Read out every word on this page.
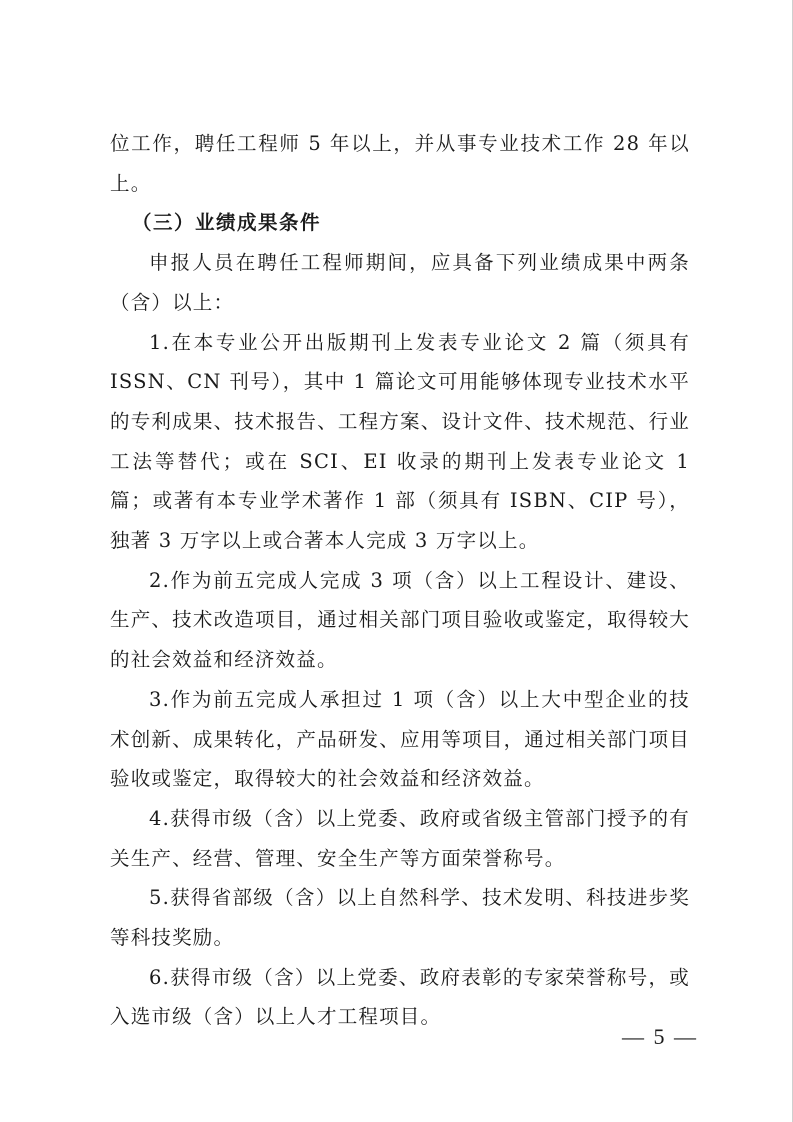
位工作，聘任工程师 5 年以上，并从事专业技术工作 28 年以上。

（三）业绩成果条件

申报人员在聘任工程师期间，应具备下列业绩成果中两条（含）以上：

1.在本专业公开出版期刊上发表专业论文 2 篇（须具有ISSN、CN 刊号），其中 1 篇论文可用能够体现专业技术水平的专利成果、技术报告、工程方案、设计文件、技术规范、行业工法等替代；或在 SCI、EI 收录的期刊上发表专业论文 1 篇；或著有本专业学术著作 1 部（须具有 ISBN、CIP 号），独著 3 万字以上或合著本人完成 3 万字以上。

2.作为前五完成人完成 3 项（含）以上工程设计、建设、生产、技术改造项目，通过相关部门项目验收或鉴定，取得较大的社会效益和经济效益。

3.作为前五完成人承担过 1 项（含）以上大中型企业的技术创新、成果转化，产品研发、应用等项目，通过相关部门项目验收或鉴定，取得较大的社会效益和经济效益。

4.获得市级（含）以上党委、政府或省级主管部门授予的有关生产、经营、管理、安全生产等方面荣誉称号。

5.获得省部级（含）以上自然科学、技术发明、科技进步奖等科技奖励。

6.获得市级（含）以上党委、政府表彰的专家荣誉称号，或入选市级（含）以上人才工程项目。

— 5 —
